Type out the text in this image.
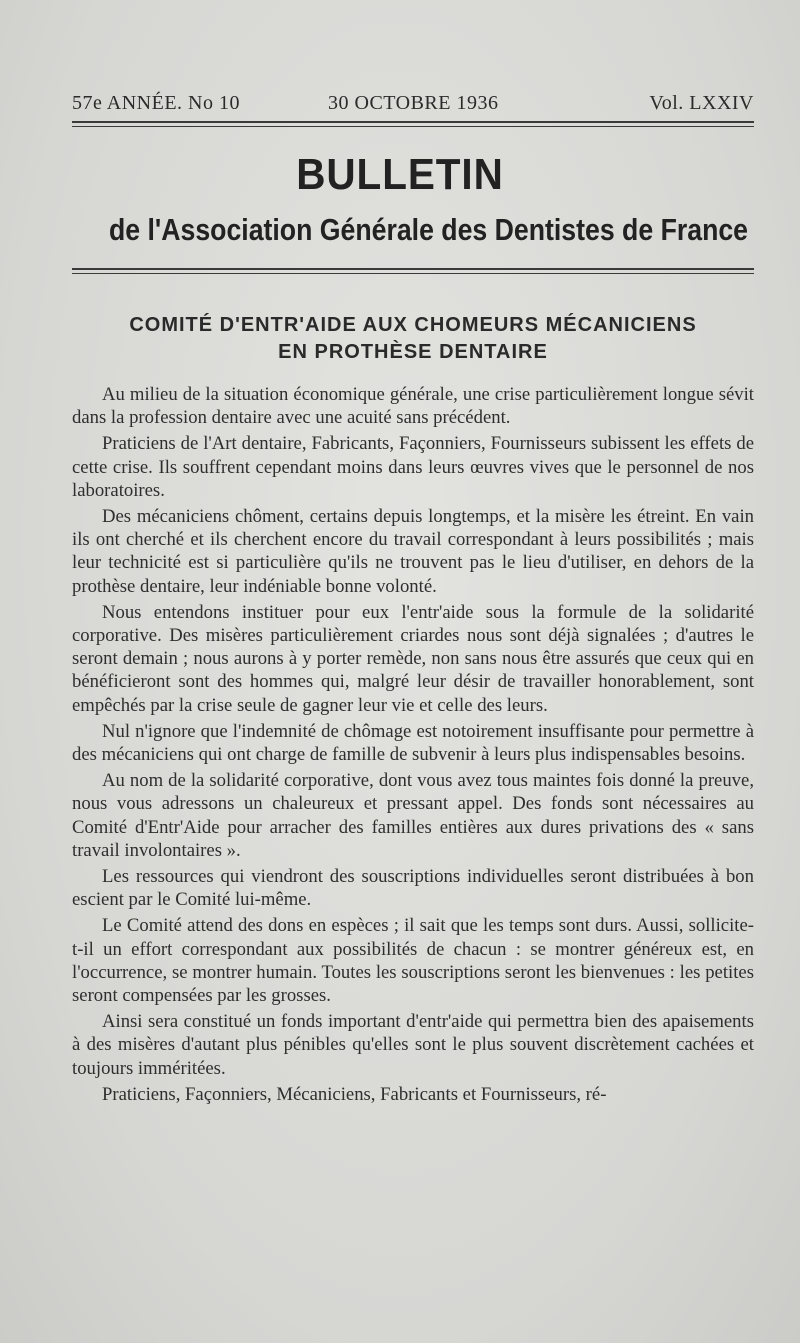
57e ANNÉE. No 10	30 OCTOBRE 1936	Vol. LXXIV
BULLETIN
de l'Association Générale des Dentistes de France
COMITÉ D'ENTR'AIDE AUX CHOMEURS MÉCANICIENS
EN PROTHÈSE DENTAIRE

Au milieu de la situation économique générale, une crise particulièrement longue sévit dans la profession dentaire avec une acuité sans précédent.

Praticiens de l'Art dentaire, Fabricants, Façonniers, Fournisseurs subissent les effets de cette crise. Ils souffrent cependant moins dans leurs œuvres vives que le personnel de nos laboratoires.

Des mécaniciens chôment, certains depuis longtemps, et la misère les étreint. En vain ils ont cherché et ils cherchent encore du travail correspondant à leurs possibilités ; mais leur technicité est si particulière qu'ils ne trouvent pas le lieu d'utiliser, en dehors de la prothèse dentaire, leur indéniable bonne volonté.

Nous entendons instituer pour eux l'entr'aide sous la formule de la solidarité corporative. Des misères particulièrement criardes nous sont déjà signalées ; d'autres le seront demain ; nous aurons à y porter remède, non sans nous être assurés que ceux qui en bénéficieront sont des hommes qui, malgré leur désir de travailler honorablement, sont empêchés par la crise seule de gagner leur vie et celle des leurs.

Nul n'ignore que l'indemnité de chômage est notoirement insuffisante pour permettre à des mécaniciens qui ont charge de famille de subvenir à leurs plus indispensables besoins.

Au nom de la solidarité corporative, dont vous avez tous maintes fois donné la preuve, nous vous adressons un chaleureux et pressant appel. Des fonds sont nécessaires au Comité d'Entr'Aide pour arracher des familles entières aux dures privations des « sans travail involontaires ».

Les ressources qui viendront des souscriptions individuelles seront distribuées à bon escient par le Comité lui-même.

Le Comité attend des dons en espèces ; il sait que les temps sont durs. Aussi, sollicite-t-il un effort correspondant aux possibilités de chacun : se montrer généreux est, en l'occurrence, se montrer humain. Toutes les souscriptions seront les bienvenues : les petites seront compensées par les grosses.

Ainsi sera constitué un fonds important d'entr'aide qui permettra bien des apaisements à des misères d'autant plus pénibles qu'elles sont le plus souvent discrètement cachées et toujours imméritées.

Praticiens, Façonniers, Mécaniciens, Fabricants et Fournisseurs, ré-
